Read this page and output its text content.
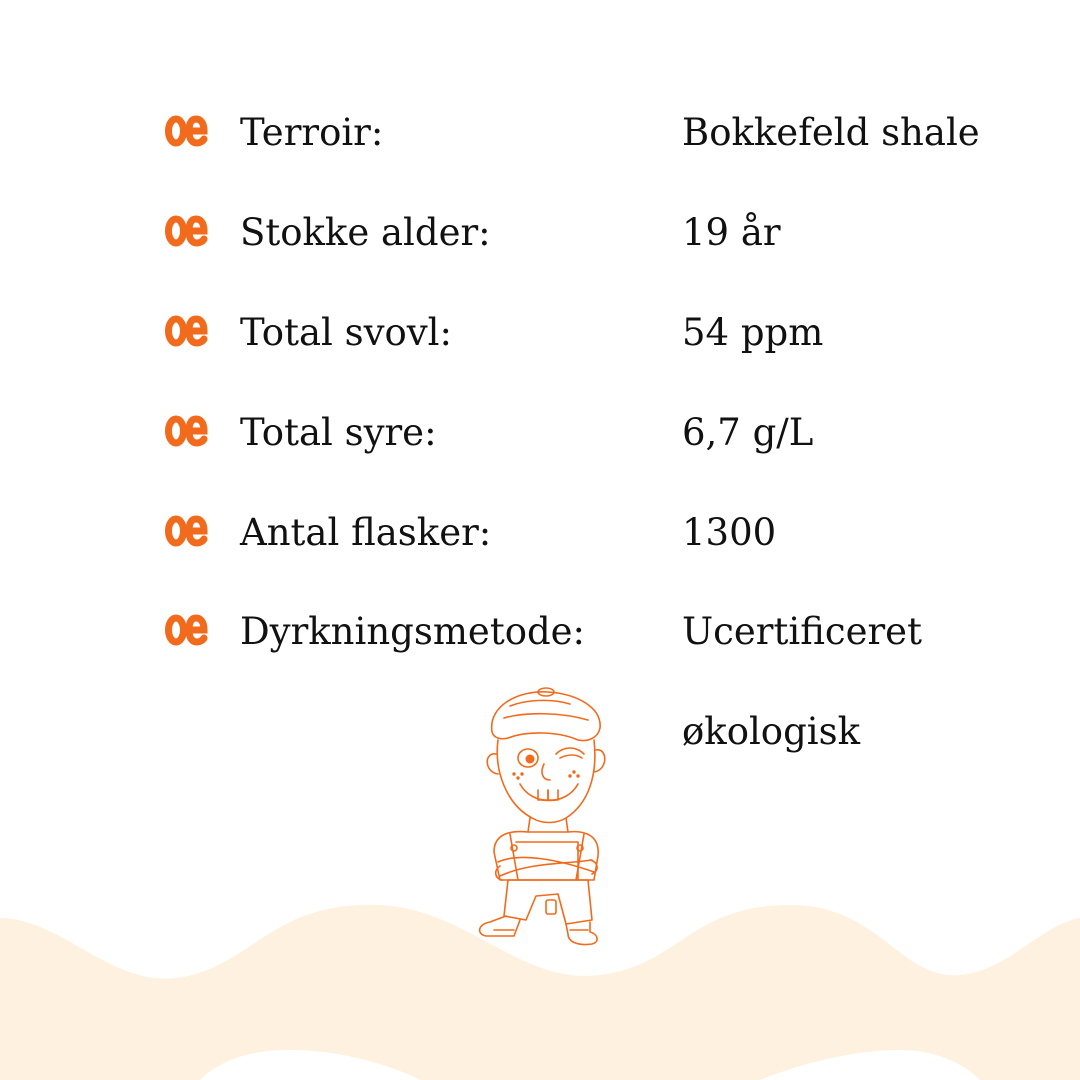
Terroir:	Bokkefeld shale
Stokke alder:	19 år
Total svovl:	54 ppm
Total syre:	6,7 g/L
Antal flasker:	1300
Dyrkningsmetode:	Ucertificeret
økologisk
